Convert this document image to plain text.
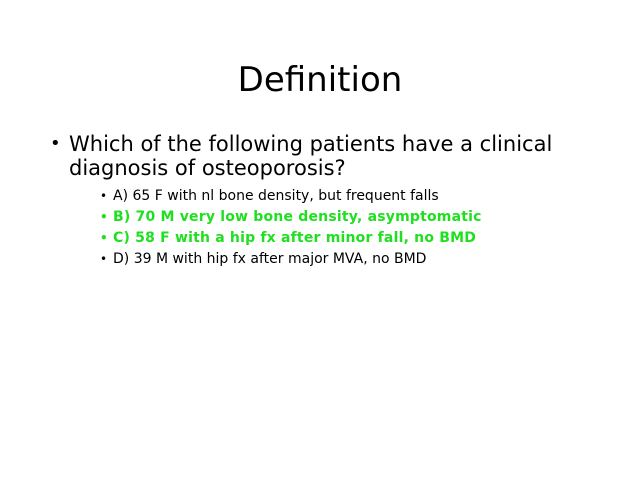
Definition
• Which of the following patients have a clinical diagnosis of osteoporosis?
• A) 65 F with nl bone density, but frequent falls
• B) 70 M very low bone density, asymptomatic
• C) 58 F with a hip fx after minor fall, no BMD
• D) 39 M with hip fx after major MVA, no BMD
